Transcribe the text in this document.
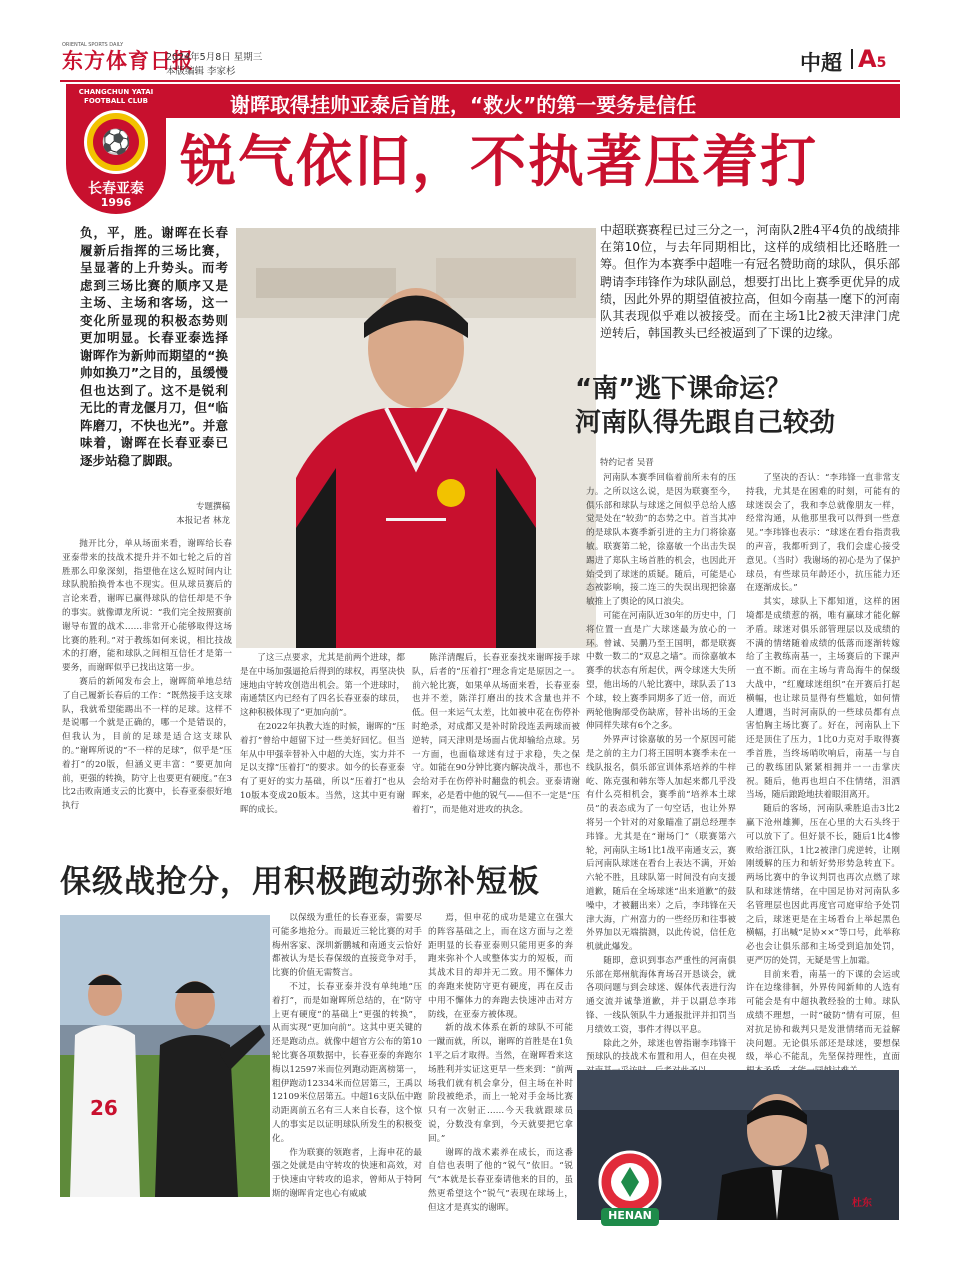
ORIENTAL SPORTS DAILY
东方体育日报
2024年5月8日 星期三
本版编辑 李家杉	中超 A5
CHANGCHUN YATAI FOOTBALL CLUB
⚽
长春亚泰
1996
谢晖取得挂帅亚泰后首胜，“救火”的第一要务是信任
锐气依旧，不执著压着打
负，平，胜。谢晖在长春履新后指挥的三场比赛，呈显著的上升势头。而考虑到三场比赛的顺序又是主场、主场和客场，这一变化所显现的积极态势则更加明显。长春亚泰选择谢晖作为新帅而期望的“换帅如换刀”之目的，虽缓慢但也达到了。这不是锐利无比的青龙偃月刀，但“临阵磨刀，不快也光”。并意味着，谢晖在长春亚泰已逐步站稳了脚跟。
专题撰稿
本报记者 林龙
中超联赛赛程已过三分之一，河南队2胜4平4负的战绩排在第10位，与去年同期相比，这样的成绩相比还略胜一筹。但作为本赛季中超唯一有冠名赞助商的球队，俱乐部聘请李玮锋作为球队副总，想要打出比上赛季更优异的成绩，因此外界的期望值被拉高，但如今南基一麾下的河南队其表现似乎难以被接受。而在主场1比2被天津津门虎逆转后，韩国教头已经被逼到了下课的边缘。
“南”逃下课命运？
河南队得先跟自己较劲
特约记者 吴晋

抛开比分，单从场面来看，谢晖给长春亚泰带来的技战术提升并不如七轮之后的首胜那么印象深刻，指望他在这么短时间内让球队脱胎换骨本也不现实。但从球员赛后的言论来看，谢晖已赢得球队的信任却是不争的事实。就像谭龙所说：“我们完全按照赛前谢导布置的战术……非常开心能够取得这场比赛的胜利。”对于教练如何来说，相比技战术的打磨，能和球队之间相互信任才是第一要务，而谢晖似乎已找出这第一步。

赛后的新闻发布会上，谢晖简单地总结了自己履新长春后的工作：“既然接手这支球队，我就希望能踢出不一样的足球。这样不是说哪一个就是正确的，哪一个是错误的，但我认为，目前的足球是适合这支球队的。”谢晖所说的“不一样的足球”，似乎是“压着打”的20版，但涵义更丰富：“要更加向前，更强的转换，防守上也要更有硬度。”在3比2击败南通支云的比赛中，长春亚泰很好地执行

了这三点要求，尤其是前两个进球，都是在中场加强逼抢后得到的球权，再坚决快速地由守转攻创造出机会。第一个进球时，南通禁区内已经有了四名长春亚泰的球员，这种积极体现了“更加向前”。

在2022年执教大连的时候，谢晖的“压着打”曾给中超留下过一些美好回忆。但当年从中甲强幸替补入中超的大连，实力并不足以支撑“压着打”的要求。如今的长春亚泰有了更好的实力基础，所以“压着打”也从10版本变成20版本。当然，这其中更有谢晖的成长。

陈洋清醒后，长春亚泰找来谢晖接手球队，后者的“压着打”理念肯定是原因之一。前六轮比赛，如果单从场面来看，长春亚泰也并不差，陈洋打磨出的技术含量也并不低。但一来运气太差，比如被申花在伤停补时绝杀，对成都又是补时阶段连丢两球而被逆转，同天津则是场面占优却输给点球。另一方面，也面临球迷有过于求稳，失之保守。如能在90分钟比赛内解决战斗，那也不会给对手在伤停补时翻盘的机会。亚泰请谢晖来，必是看中他的锐气——但不一定是“压着打”，而是他对进攻的执念。

河南队本赛季回临着前所未有的压力。之所以这么说，是因为联赛至今，俱乐部和球队与球迷之间似乎总给人感觉是处在“较劲”的态势之中。首当其冲的是球队本赛季新引进的主力门将徐嘉敏。联赛第二轮，徐嘉敏一个出击失误踢进了郑队主场首胜的机会，也因此开始受到了球迷的质疑。随后，可能是心态被影响，接二连三的失误出现把徐嘉敏推上了舆论的风口浪尖。

可能在河南队近30年的历史中，门将位置一直是广大球迷最为放心的一环。曾诚、吴鹏乃至王国明，都是联赛中数一数二的“双息之墙”。而徐嘉敏本赛季的状态有所起伏，两令球迷大失所望，他出场的八轮比赛中，球队丢了13个球，较上赛季同期多了近一倍，而近两轮他胸部受伤缺席，替补出场的王金伸同样失球有6个之多。

外界声讨徐嘉敏的另一个原因可能是之前的主力门将王国明本赛季未在一线队报名，俱乐部宣训体系培养的牛梓屹、陈克强和韩东等人加起来都几乎没有什么亮相机会，赛季前“培养本土球员”的表态成为了一句空话，也让外界将另一个针对的对象瞄准了副总经理李玮锋。尤其是在“谢场门”（联赛第六轮，河南队主场1比1战平南通支云，赛后河南队球迷在看台上表达不满，开始六轮不胜，且球队第一时间没有向支援道歉，随后在全场球迷“出来道歉”的鼓噪中，才被翻出来）之后，李玮锋在天津大海，广州富力的一些经历和往事被外界加以无端揣测，以此传说，信任危机就此爆发。

随即，意识到事态严重性的河南俱乐部在郑州航海体育场召开恳谈会，就各项问题与到会球迷、媒体代表进行沟通交流并诚挚道歉，并于以副总李玮锋、一线队领队牛力通报批评并扣罚当月绩效工资，事件才得以平息。

除此之外，球迷也曾指谢李玮锋干预球队的技战术布置和用人，但在央视

了坚决的否认：“李玮锋一直非常支持我，尤其是在困难的时刻，可能有的球迷误会了，我和李总就像朋友一样，经常沟通，从他那里我可以得到一些意见。”李玮锋也表示：“球迷在看台指责我的声音，我都听到了，我们会虚心接受意见。（当时）我谢场的初心是为了保护球员，有些球员年龄还小，抗压能力还在逐渐成长。”

其实，球队上下都知道，这样的困境都是成绩惹的祸，唯有赢球才能化解矛盾。球迷对俱乐部管理层以及成绩的不满的情绪随着成绩的低落而逐渐转嫁给了主教练南基一，主场赛后的下课声一直不断。而在主场与青岛海牛的保级大战中，“红魔球迷组织”在开赛后打起横幅，也让球员显得有些尴尬，如何情人遭遇，当时河南队的一些球员都有点害怕胸主场比赛了。好在，河南队上下还是顶住了压力，1比0力克对手取得赛季首胜，当终场哨吹响后，南基一与自己的教练团队紧紧相拥并一一击掌庆祝。随后，他再也坦白不住情绪，泪洒当场，随后踉跄地扶着眼泪离开。

随后的客场，河南队乘胜追击3比2赢下沧州雄狮，压在心里的大石头终于可以放下了。但好景不长，随后1比4惨败给浙江队，1比2被津门虎逆转，让刚刚缓解的压力和斩好势形势急转直下。两场比赛中的争议判罚也再次点燃了球队和球迷情绪，在中国足协对河南队多名管理层也因此再度官司庭审给予处罚之后，球迷更是在主场看台上举起黑色横幅，打出喊“足协××”等口号，此举称必也会让俱乐部和主场受到追加处罚，更严厉的处罚，无疑是雪上加霜。

目前来看，南基一的下课的会运或许在边缘徘徊，外界传闻新帅的人选有可能会是有中超执教经验的士帅。球队成绩不理想，一时“破防”情有可原，但对抗足协和裁判只是发泄情绪而无益解决问题。无论俱乐部还是球迷，要想保级，举心不能乱，先坚保持理性，直面

保级战抢分，用积极跑动弥补短板
26

以保级为重任的长春亚泰，需要尽可能多地抢分。而最近三轮比赛的对手梅州客家、深圳新鹏城和南通支云恰好都被认为是长春保级的直接竞争对手，比赛的价值无需赘言。

不过，长春亚泰并没有单纯地“压着打”，而是如谢晖所总结的，在“防守上更有硬度”的基础上“更强的转换”，从而实现“更加向前”。这其中更关键的还是跑动点。就像中超官方公布的第10轮比赛各项数据中，长春亚泰的奔跑尔梅以12597米而位列跑动距离榜第一，粗伊跑动12334米而位居第三，王禹以12109米位居第五。中超16支队伍中跑动距离前五名有三人来自长春，这个惊人的事实足以证明球队所发生的积极变化。

作为联赛的领跑者，上海申花的最强之处就是由守转攻的快速和高效，对于快速由守转攻的追求，曾师从于特阿斯的谢晖肯定也心有威戚

焉，但申花的成功是建立在强大的阵容基础之上，而在这方面与之差距明显的长春亚泰则只能用更多的奔跑来弥补个人或整体实力的短板，而其战术目的却并无二致。用不懈体力的奔跑来使防守更有硬度，再在反击中用不懈体力的奔跑去快速冲击对方防线，在亚泰方被体现。

新的战术体系在新的球队不可能一蹴而就，所以，谢晖的首胜是在1负1平之后才取得。当然，在谢晖看来这场胜利并实证这更早一些来到：“前两场我们就有机会拿分，但主场在补时阶段被绝杀，而上一轮对手金场比赛只有一次射正……今天我就跟球员说，分数没有拿到，今天就要把它拿回。”

谢晖的战术素养在成长，而这番自信也表明了他的“锐气”依旧。“锐气”本就是长春亚泰请他来的目的，虽然更希望这个“锐气”表现在球场上，但这才是真实的谢晖。

HENAN
杜东
